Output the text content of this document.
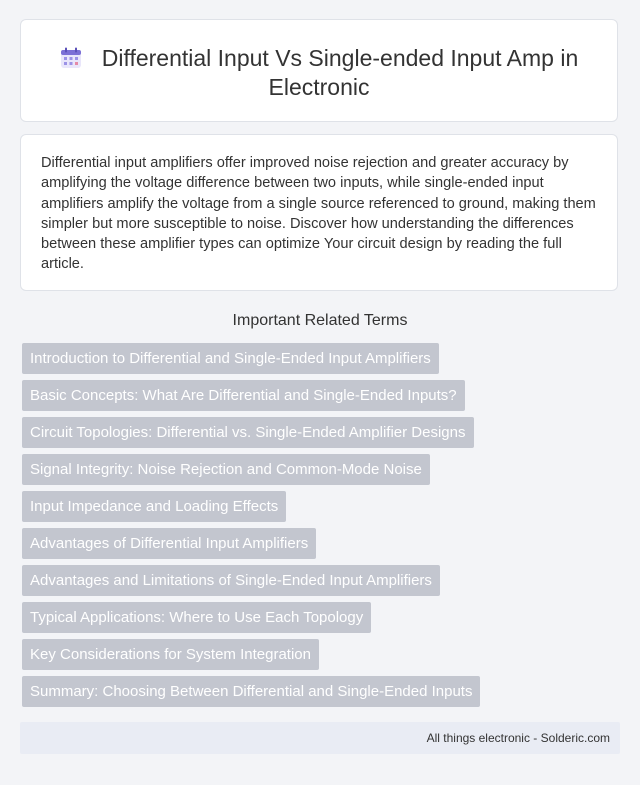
Differential Input Vs Single-ended Input Amp in Electronic

Differential input amplifiers offer improved noise rejection and greater accuracy by amplifying the voltage difference between two inputs, while single-ended input amplifiers amplify the voltage from a single source referenced to ground, making them simpler but more susceptible to noise. Discover how understanding the differences between these amplifier types can optimize Your circuit design by reading the full article.

Important Related Terms
Introduction to Differential and Single-Ended Input Amplifiers
Basic Concepts: What Are Differential and Single-Ended Inputs?
Circuit Topologies: Differential vs. Single-Ended Amplifier Designs
Signal Integrity: Noise Rejection and Common-Mode Noise
Input Impedance and Loading Effects
Advantages of Differential Input Amplifiers
Advantages and Limitations of Single-Ended Input Amplifiers
Typical Applications: Where to Use Each Topology
Key Considerations for System Integration
Summary: Choosing Between Differential and Single-Ended Inputs
All things electronic - Solderic.com
